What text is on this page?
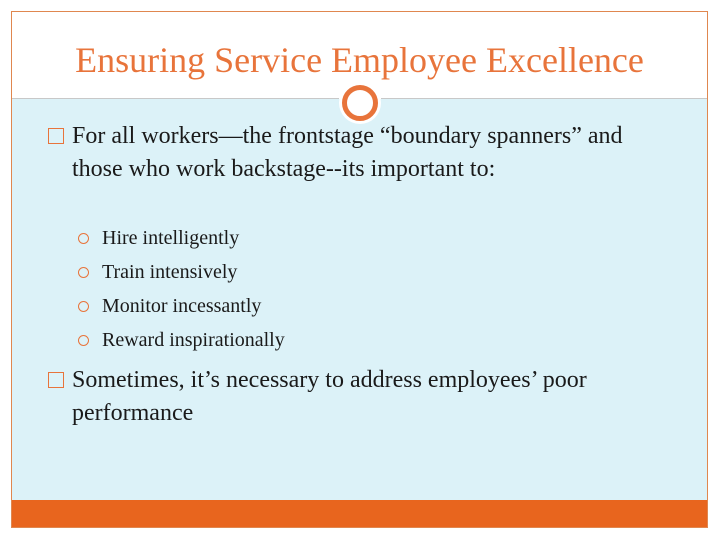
Ensuring Service Employee Excellence
For all workers—the frontstage “boundary spanners” and those who work backstage--its important to:
Hire intelligently
Train intensively
Monitor incessantly
Reward inspirationally
Sometimes, it’s necessary to address employees’ poor performance
